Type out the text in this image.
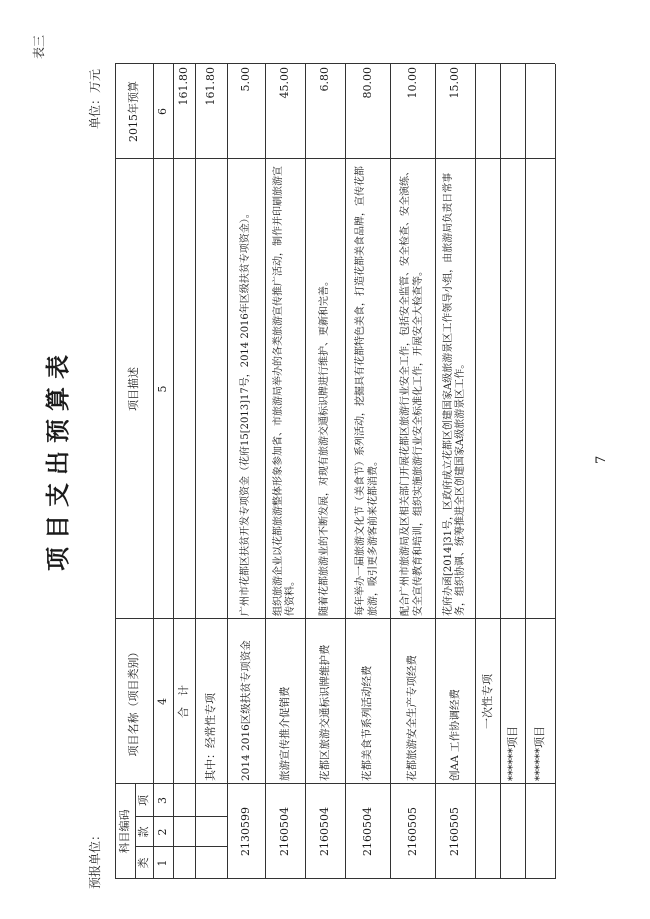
表三
项目支出预算表
单位：万元
预报单位：
7
科目编码
项目名称（项目类别）
项目描述
2015年预算
类
款
项
1
2
3
4
5
6
合　计
161.80
其中：经常性专项
161.80
2130599
2014 2016区级扶贫专项资金
广州市花都区扶贫开发专项资金（花府15[2013]17号，2014 2016年区级扶贫专项资金）。
5.00
2160504
旅游宣传推介促销费
组织旅游企业以花都旅游整体形象参加省、市旅游局举办的各类旅游宣传推广活动，制作并印刷旅游宣传资料。
45.00
2160504
花都区旅游交通标识牌维护费
随着花都旅游业的不断发展，对现有旅游交通标识牌进行维护、更新和完善。
6.80
2160504
花都美食节系列活动经费
每年举办一届旅游文化节（美食节）系列活动，挖掘具有花都特色美食，打造花都美食品牌，宣传花都旅游，吸引更多游客前来花都消费。
80.00
2160505
花都旅游安全生产专项经费
配合广州市旅游局及区相关部门开展花都区旅游行业安全工作，包括安全监管、安全检查、安全演练、安全宣传教育和培训，组织实施旅游行业安全标准化工作，开展安全大检查等。
10.00
2160505
创AA 工作协调经费
花府办函[2014]31号，区政府成立花都区创建国家A级旅游景区工作领导小组，由旅游局负责日常事务，组织协调、统筹推进全区创建国家A级旅游景区工作。
15.00
一次性专项
******项目	******项目
